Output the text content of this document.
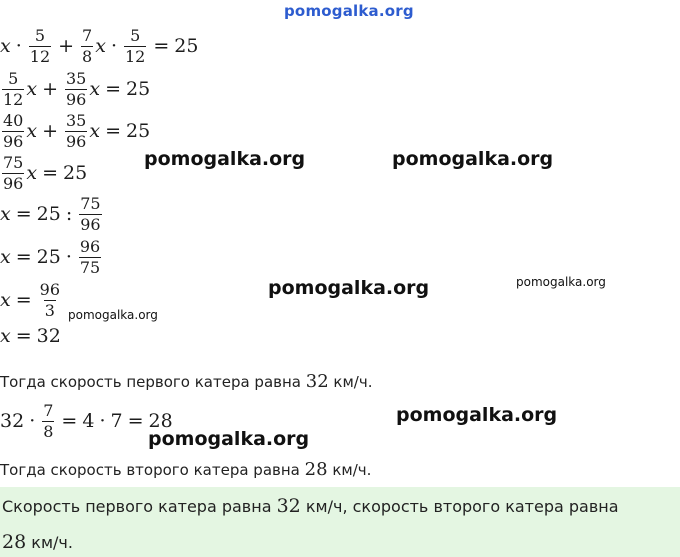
pomogalka.org
pomogalka.org	pomogalka.org
pomogalka.org	pomogalka.org
pomogalka.org
pomogalka.org
pomogalka.org
$x \cdot \frac{5}{12} + \frac{7}{8}$ $x \cdot \frac{5}{12} = 25$
$\frac{5}{12}$ $x + \frac{35}{96}$ x = 25
$\frac{40}{96}$ $x + \frac{35}{96}$ x = 25
$\frac{75}{96}$ x = 25
x = 25 : $\frac{75}{96}$
$x = 25 \cdot \frac{96}{75}$
$x = \frac{96}{3}$
x = 32
Тогда скорость первого катера равна 32 км/ч.
$32 \cdot \frac{7}{8} = 4 \cdot 7 = 28$
Тогда скорость второго катера равна 28 км/ч.
Скорость первого катера равна 32 км/ч, скорость второго катера равна
28 км/ч.
